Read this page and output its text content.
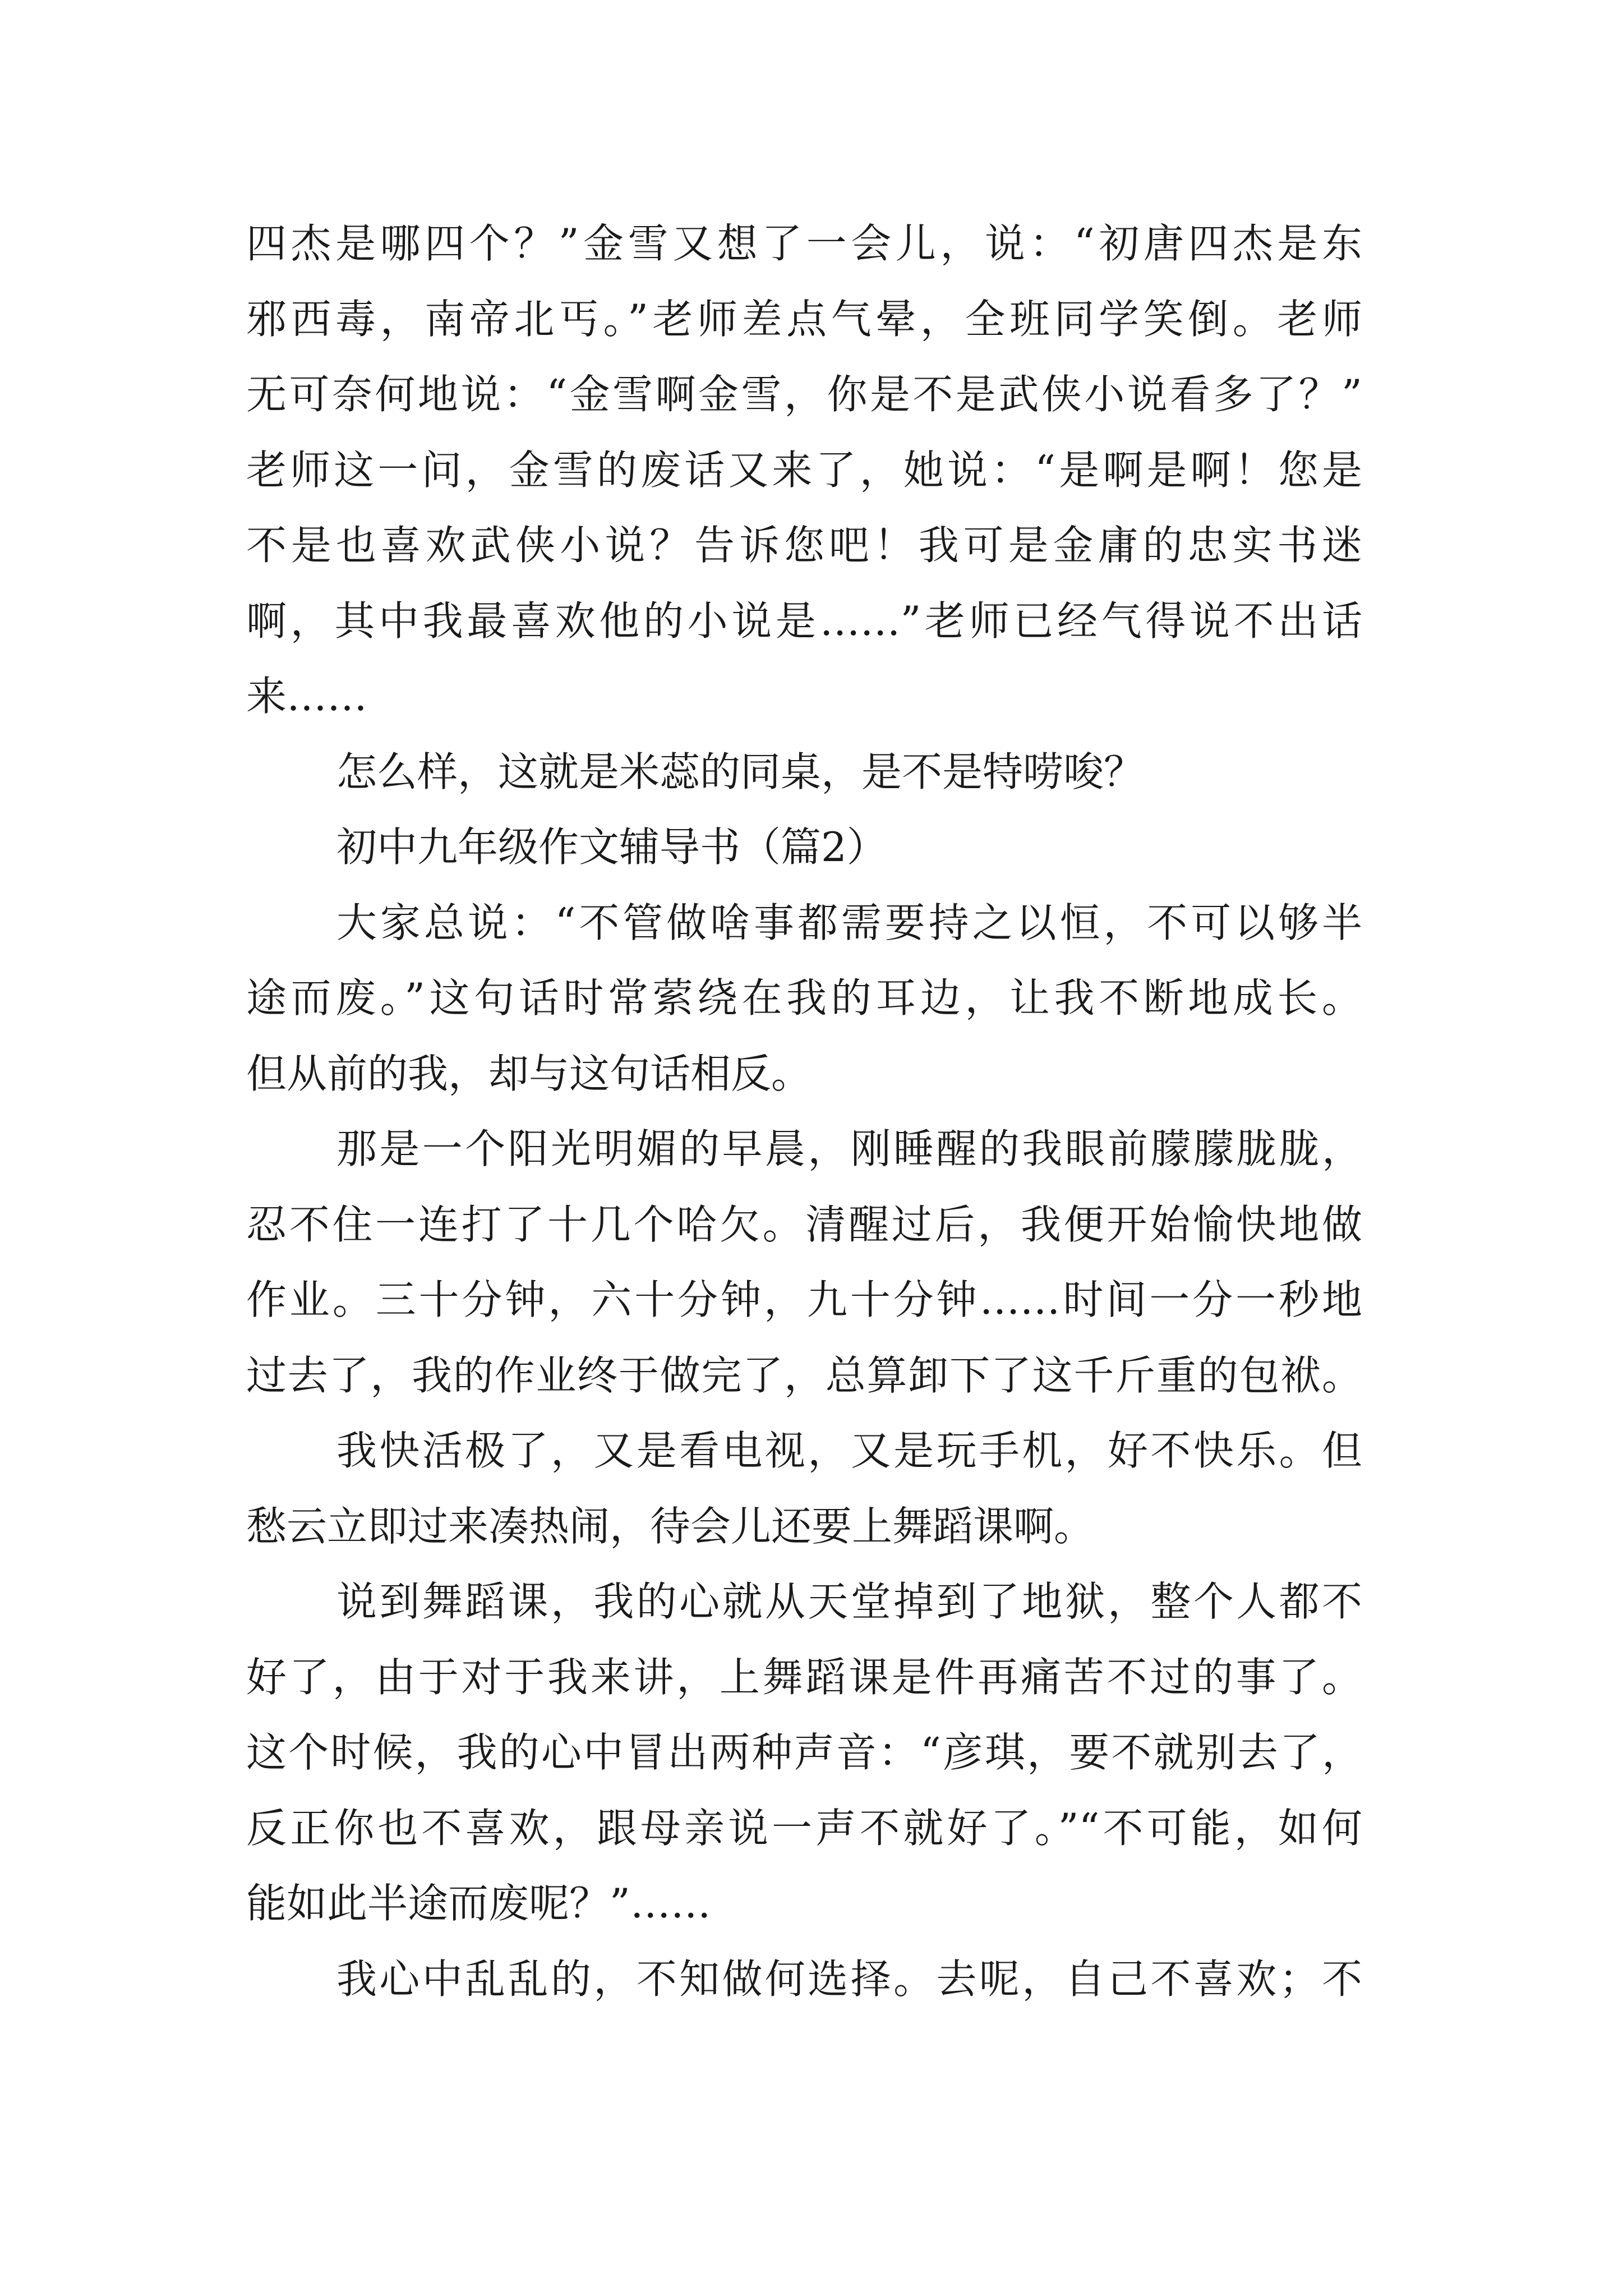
四杰是哪四个？”金雪又想了一会儿，说：“初唐四杰是东
邪西毒，南帝北丐。”老师差点气晕，全班同学笑倒。老师
无可奈何地说：“金雪啊金雪，你是不是武侠小说看多了？”
老师这一问，金雪的废话又来了，她说：“是啊是啊！您是
不是也喜欢武侠小说？告诉您吧！我可是金庸的忠实书迷
啊，其中我最喜欢他的小说是……”老师已经气得说不出话
来……
怎么样，这就是米蕊的同桌，是不是特唠唆？
初中九年级作文辅导书（篇2）
大家总说：“不管做啥事都需要持之以恒，不可以够半
途而废。”这句话时常萦绕在我的耳边，让我不断地成长。
但从前的我，却与这句话相反。
那是一个阳光明媚的早晨，刚睡醒的我眼前朦朦胧胧，
忍不住一连打了十几个哈欠。清醒过后，我便开始愉快地做
作业。三十分钟，六十分钟，九十分钟……时间一分一秒地
过去了，我的作业终于做完了，总算卸下了这千斤重的包袱。
我快活极了，又是看电视，又是玩手机，好不快乐。但
愁云立即过来凑热闹，待会儿还要上舞蹈课啊。
说到舞蹈课，我的心就从天堂掉到了地狱，整个人都不
好了，由于对于我来讲，上舞蹈课是件再痛苦不过的事了。
这个时候，我的心中冒出两种声音：“彦琪，要不就别去了，
反正你也不喜欢，跟母亲说一声不就好了。”“不可能，如何
能如此半途而废呢？”……
我心中乱乱的，不知做何选择。去呢，自己不喜欢；不
